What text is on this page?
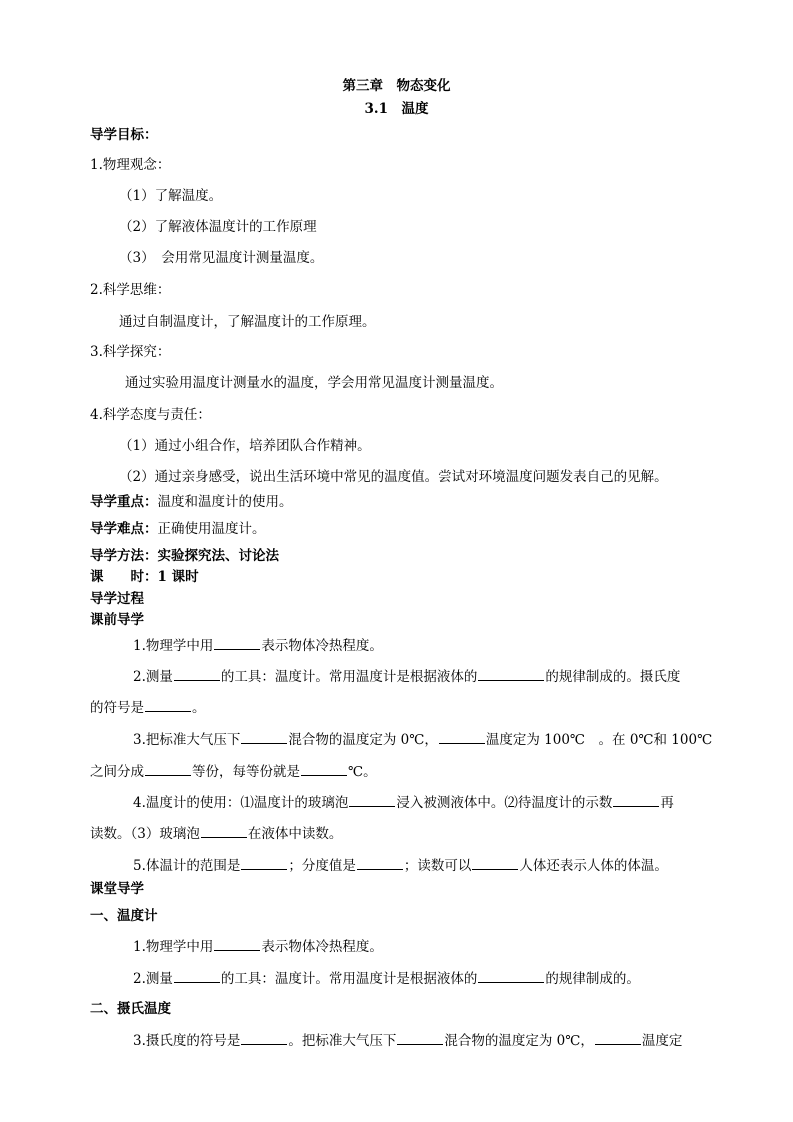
第三章　物态变化
3.1　温度
导学目标：
1.物理观念：
（1）了解温度。
（2）了解液体温度计的工作原理
（3）　会用常见温度计测量温度。
2.科学思维：
通过自制温度计，了解温度计的工作原理。
3.科学探究：
通过实验用温度计测量水的温度，学会用常见温度计测量温度。
4.科学态度与责任：
（1）通过小组合作，培养团队合作精神。
（2）通过亲身感受，说出生活环境中常见的温度值。尝试对环境温度问题发表自己的见解。
导学重点：温度和温度计的使用。
导学难点：正确使用温度计。
导学方法：实验探究法、讨论法
课　　时：1 课时
导学过程
课前导学
1.物理学中用	表示物体冷热程度。
2.测量	的工具：温度计。常用温度计是根据液体的	的规律制成的。摄氏度
的符号是	。
3.把标准大气压下	混合物的温度定为 0℃，	温度定为 100℃　。在 0℃和 100℃
之间分成	等份，每等份就是	℃。
4.温度计的使用：⑴温度计的玻璃泡	浸入被测液体中。⑵待温度计的示数	再
读数。（3）玻璃泡	在液体中读数。
5.体温计的范围是	；分度值是	；读数可以	人体还表示人体的体温。
课堂导学
一、温度计
1.物理学中用	表示物体冷热程度。
2.测量	的工具：温度计。常用温度计是根据液体的	的规律制成的。
二、摄氏温度
3.摄氏度的符号是	。把标准大气压下	混合物的温度定为 0℃，	温度定
